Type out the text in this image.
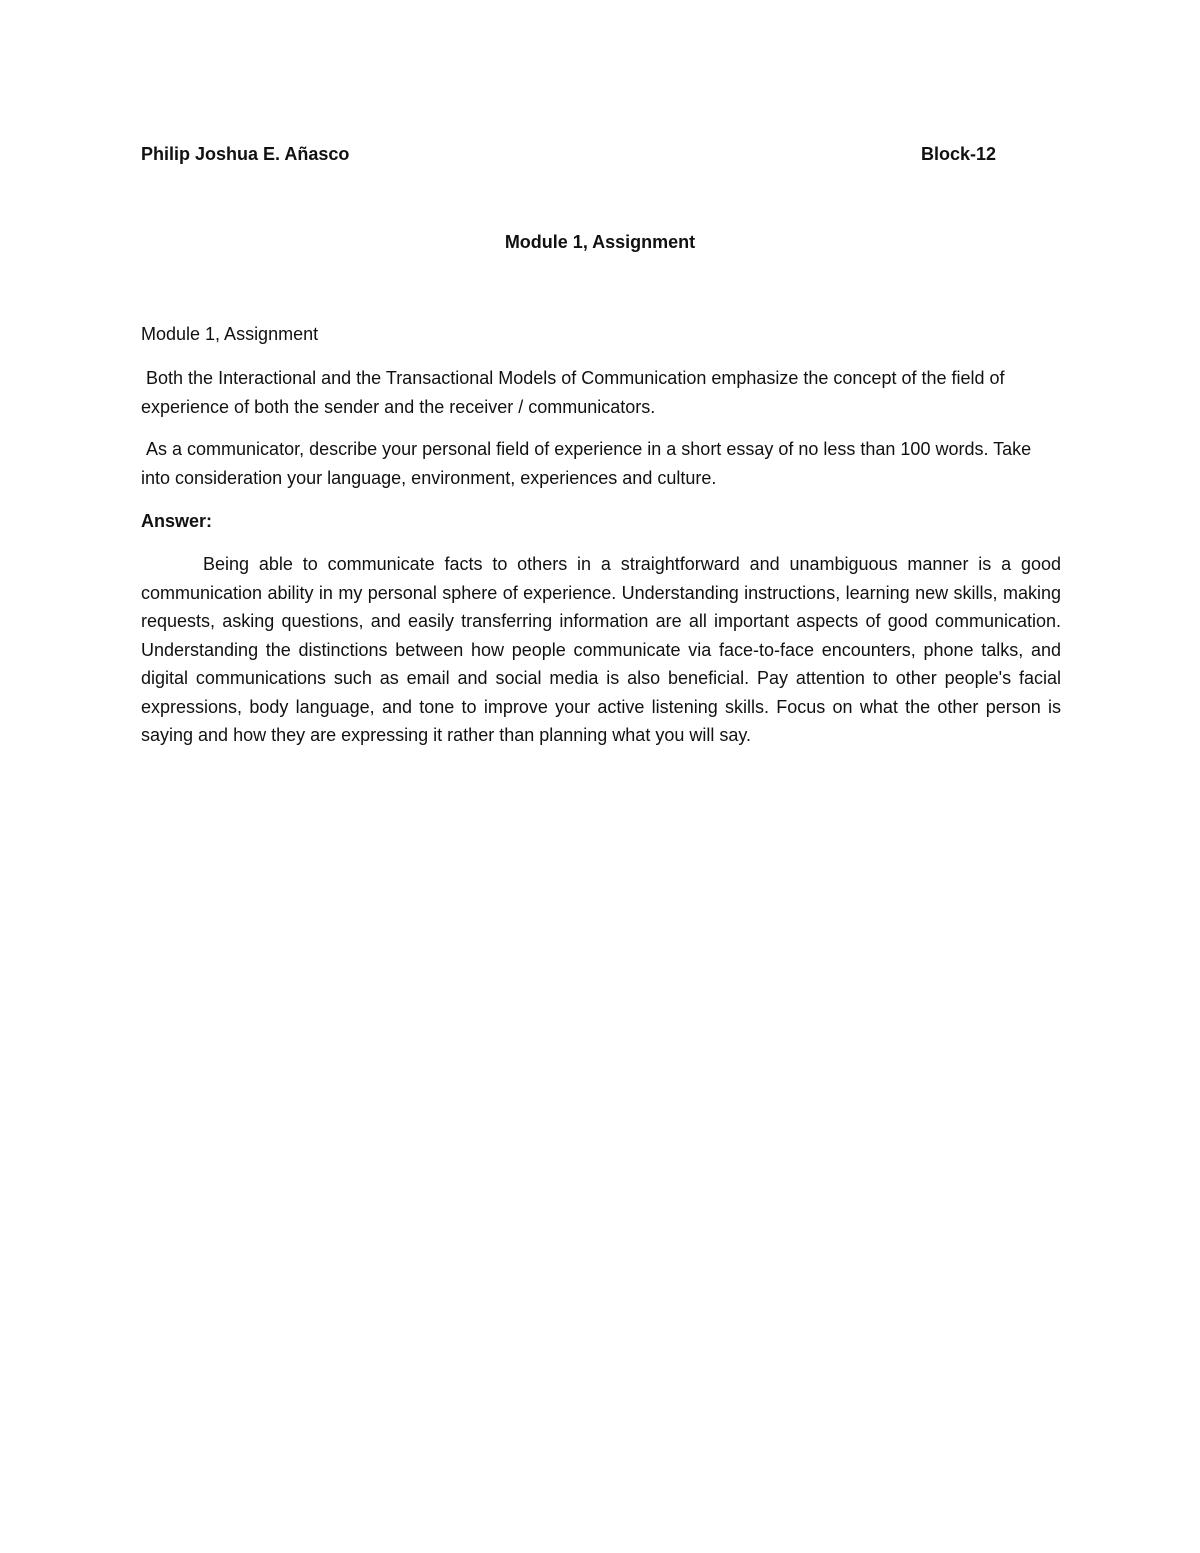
Philip Joshua E. Añasco	Block-12
Module 1, Assignment

Module 1, Assignment

Both the Interactional and the Transactional Models of Communication emphasize the concept of the field of experience of both the sender and the receiver / communicators.

As a communicator, describe your personal field of experience in a short essay of no less than 100 words. Take into consideration your language, environment, experiences and culture.

Answer:

Being able to communicate facts to others in a straightforward and unambiguous manner is a good communication ability in my personal sphere of experience. Understanding instructions, learning new skills, making requests, asking questions, and easily transferring information are all important aspects of good communication. Understanding the distinctions between how people communicate via face-to-face encounters, phone talks, and digital communications such as email and social media is also beneficial. Pay attention to other people's facial expressions, body language, and tone to improve your active listening skills. Focus on what the other person is saying and how they are expressing it rather than planning what you will say.
